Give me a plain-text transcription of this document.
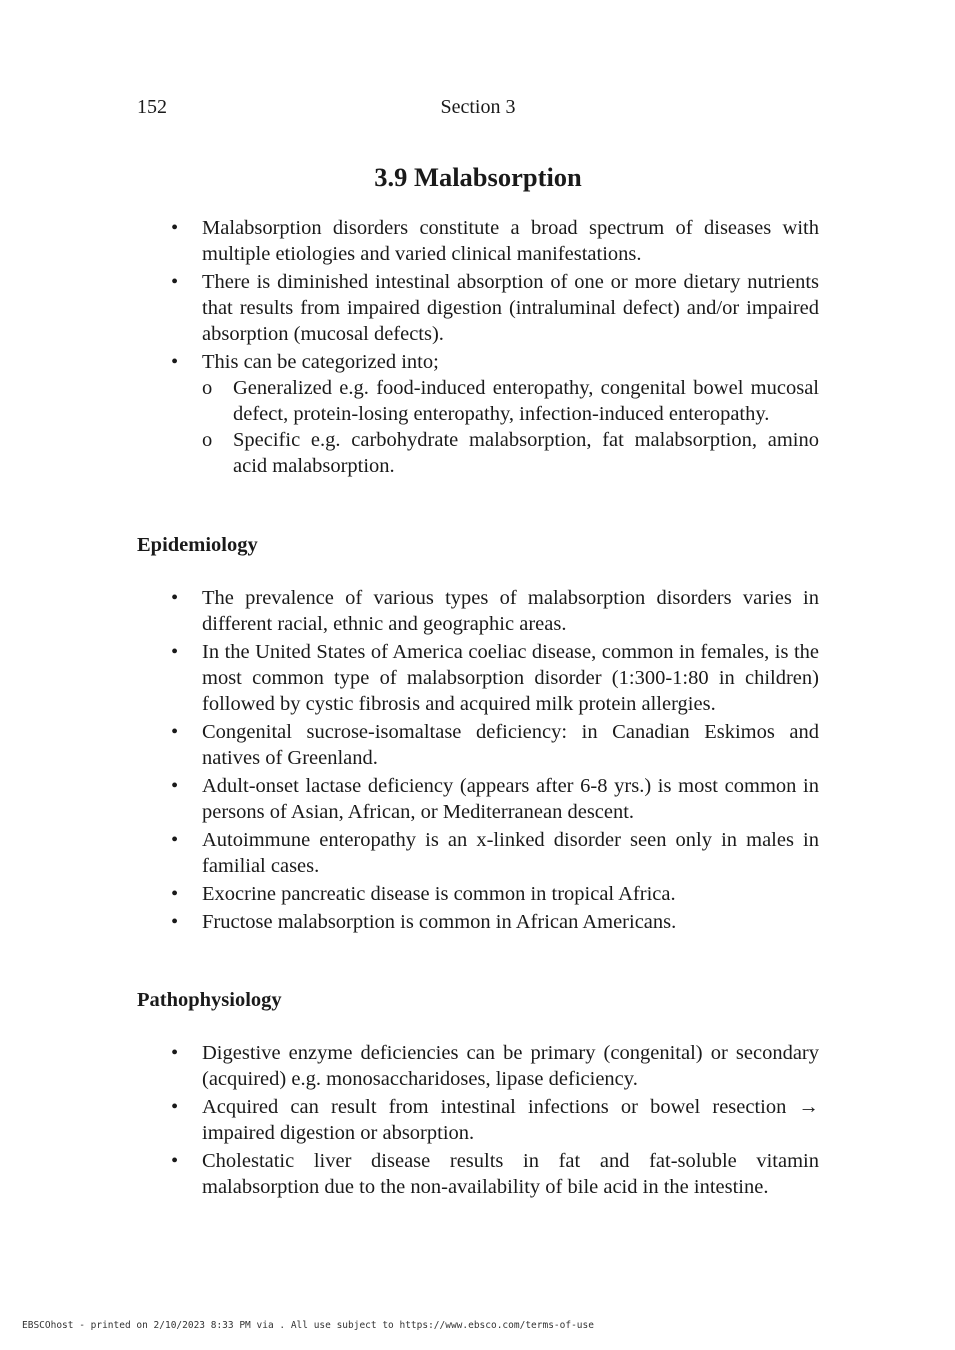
152	Section 3
3.9 Malabsorption
• Malabsorption disorders constitute a broad spectrum of diseases with multiple etiologies and varied clinical manifestations.
• There is diminished intestinal absorption of one or more dietary nutrients that results from impaired digestion (intraluminal defect) and/or impaired absorption (mucosal defects).
• This can be categorized into;
o Generalized e.g. food-induced enteropathy, congenital bowel mucosal defect, protein-losing enteropathy, infection-induced enteropathy.
o Specific e.g. carbohydrate malabsorption, fat malabsorption, amino acid malabsorption.
Epidemiology
• The prevalence of various types of malabsorption disorders varies in different racial, ethnic and geographic areas.
• In the United States of America coeliac disease, common in females, is the most common type of malabsorption disorder (1:300-1:80 in children) followed by cystic fibrosis and acquired milk protein allergies.
• Congenital sucrose-isomaltase deficiency: in Canadian Eskimos and natives of Greenland.
• Adult-onset lactase deficiency (appears after 6-8 yrs.) is most common in persons of Asian, African, or Mediterranean descent.
• Autoimmune enteropathy is an x-linked disorder seen only in males in familial cases.
• Exocrine pancreatic disease is common in tropical Africa.
• Fructose malabsorption is common in African Americans.
Pathophysiology
• Digestive enzyme deficiencies can be primary (congenital) or secondary (acquired) e.g. monosaccharidoses, lipase deficiency.
• Acquired can result from intestinal infections or bowel resection → impaired digestion or absorption.
• Cholestatic liver disease results in fat and fat-soluble vitamin malabsorption due to the non-availability of bile acid in the intestine.
EBSCOhost - printed on 2/10/2023 8:33 PM via . All use subject to https://www.ebsco.com/terms-of-use
